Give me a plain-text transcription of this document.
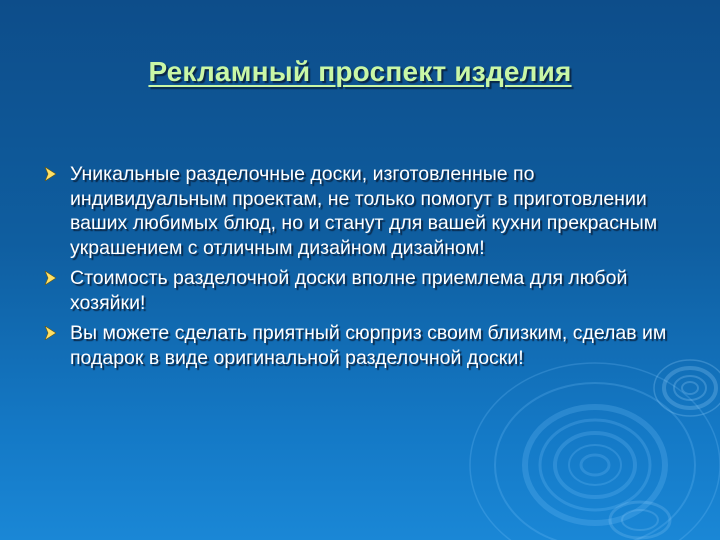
Рекламный проспект изделия
Уникальные разделочные доски, изготовленные по индивидуальным проектам, не только помогут в приготовлении ваших любимых блюд, но и станут для вашей кухни прекрасным украшением с отличным дизайном дизайном!
Стоимость разделочной доски вполне приемлема для любой хозяйки!
Вы можете сделать приятный сюрприз своим близким, сделав им подарок в виде оригинальной разделочной доски!
